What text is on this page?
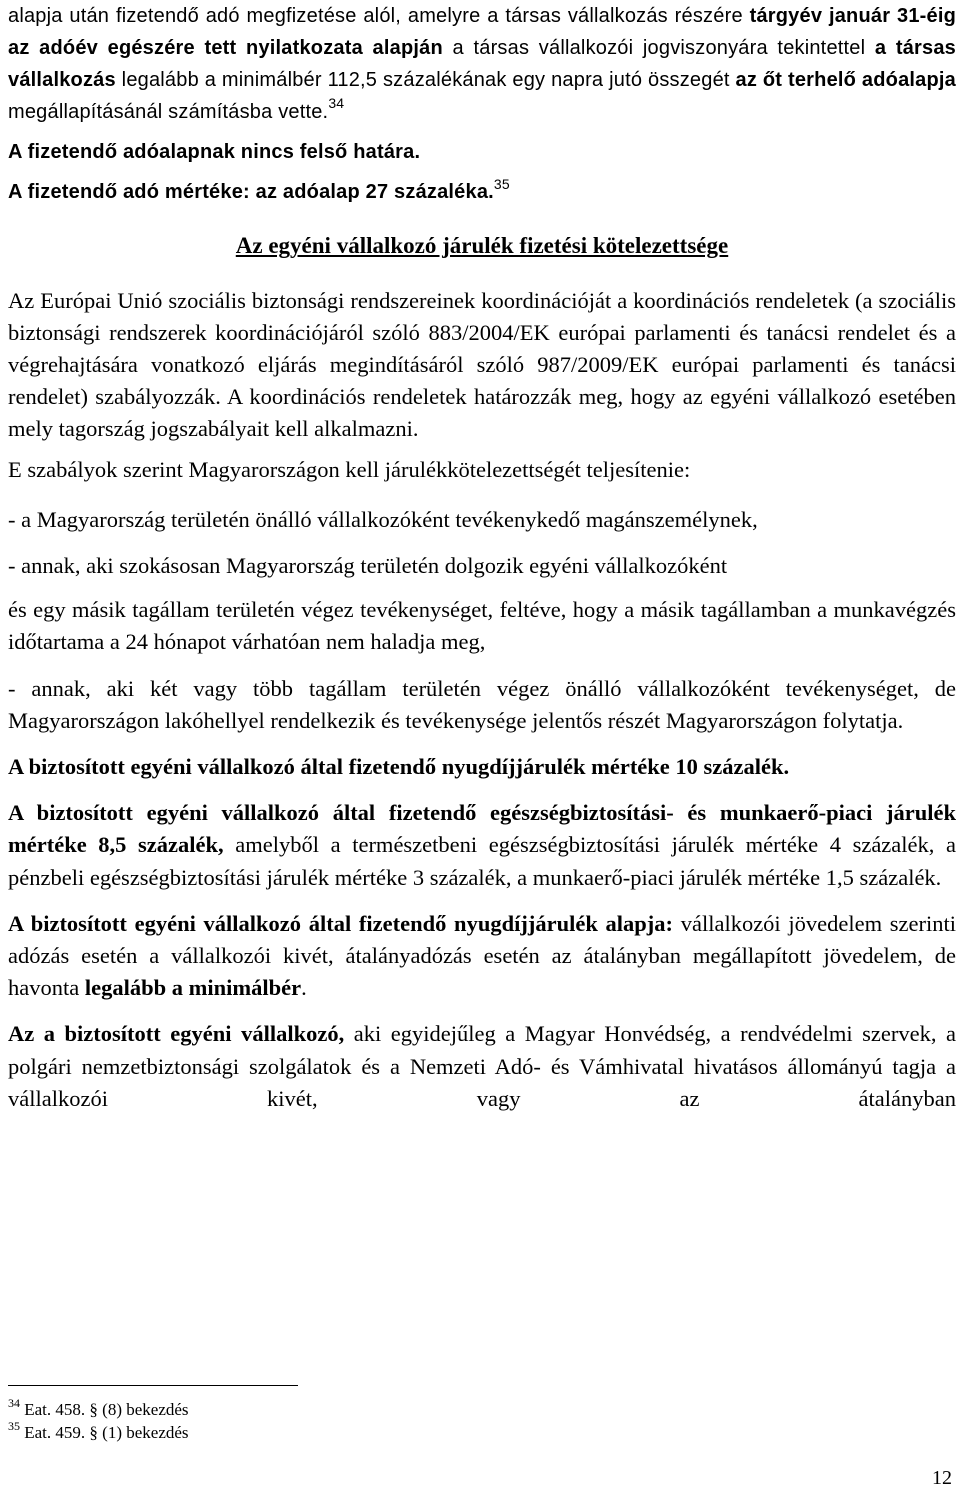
alapja után fizetendő adó megfizetése alól, amelyre a társas vállalkozás részére tárgyév január 31-éig az adóév egészére tett nyilatkozata alapján a társas vállalkozói jogviszonyára tekintettel a társas vállalkozás legalább a minimálbér 112,5 százalékának egy napra jutó összegét az őt terhelő adóalapja megállapításánál számításba vette.$^{34}$

A fizetendő adóalapnak nincs felső határa.

A fizetendő adó mértéke: az adóalap 27 százaléka.$^{35}$

Az egyéni vállalkozó járulék fizetési kötelezettsége

Az Európai Unió szociális biztonsági rendszereinek koordinációját a koordinációs rendeletek (a szociális biztonsági rendszerek koordinációjáról szóló 883/2004/EK európai parlamenti és tanácsi rendelet és a végrehajtására vonatkozó eljárás megindításáról szóló 987/2009/EK európai parlamenti és tanácsi rendelet) szabályozzák. A koordinációs rendeletek határozzák meg, hogy az egyéni vállalkozó esetében mely tagország jogszabályait kell alkalmazni.

E szabályok szerint Magyarországon kell járulékkötelezettségét teljesítenie:

- a Magyarország területén önálló vállalkozóként tevékenykedő magánszemélynek,

- annak, aki szokásosan Magyarország területén dolgozik egyéni vállalkozóként

és egy másik tagállam területén végez tevékenységet, feltéve, hogy a másik tagállamban a munkavégzés időtartama a 24 hónapot várhatóan nem haladja meg,

- annak, aki két vagy több tagállam területén végez önálló vállalkozóként tevékenységet, de Magyarországon lakóhellyel rendelkezik és tevékenysége jelentős részét Magyarországon folytatja.

A biztosított egyéni vállalkozó által fizetendő nyugdíjjárulék mértéke 10 százalék.

A biztosított egyéni vállalkozó által fizetendő egészségbiztosítási- és munkaerő-piaci járulék mértéke 8,5 százalék, amelyből a természetbeni egészségbiztosítási járulék mértéke 4 százalék, a pénzbeli egészségbiztosítási járulék mértéke 3 százalék, a munkaerő-piaci járulék mértéke 1,5 százalék.

A biztosított egyéni vállalkozó által fizetendő nyugdíjjárulék alapja: vállalkozói jövedelem szerinti adózás esetén a vállalkozói kivét, átalányadózás esetén az átalányban megállapított jövedelem, de havonta legalább a minimálbér.

Az a biztosított egyéni vállalkozó, aki egyidejűleg a Magyar Honvédség, a rendvédelmi szervek, a polgári nemzetbiztonsági szolgálatok és a Nemzeti Adó- és Vámhivatal hivatásos állományú tagja a vállalkozói kivét, vagy az átalányban

$^{34}$ Eat. 458. § (8) bekezdés
$^{35}$ Eat. 459. § (1) bekezdés
12
